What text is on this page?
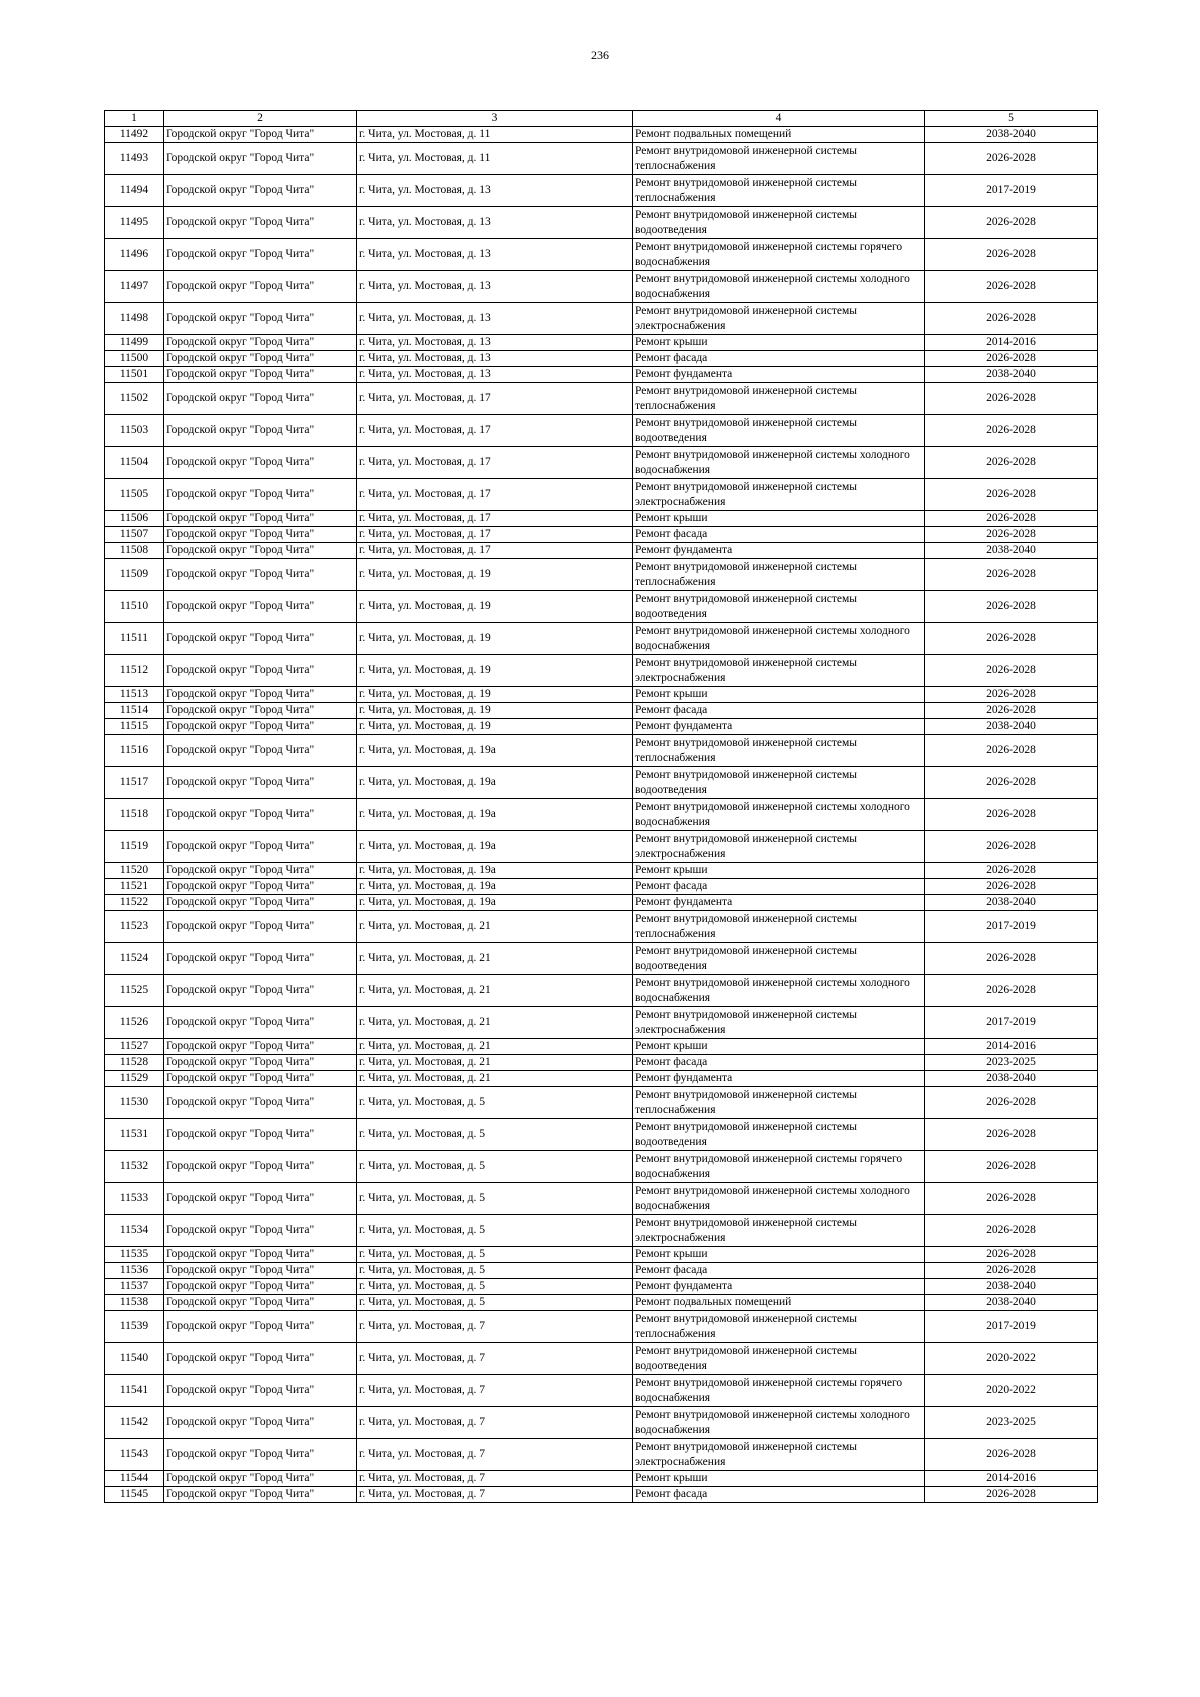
236
1	2	3	4	5
11492	Городской округ "Город Чита"	г. Чита, ул. Мостовая, д. 11	Ремонт подвальных помещений	2038-2040
11493	Городской округ "Город Чита"	г. Чита, ул. Мостовая, д. 11	Ремонт внутридомовой инженерной системы теплоснабжения	2026-2028
11494	Городской округ "Город Чита"	г. Чита, ул. Мостовая, д. 13	Ремонт внутридомовой инженерной системы теплоснабжения	2017-2019
11495	Городской округ "Город Чита"	г. Чита, ул. Мостовая, д. 13	Ремонт внутридомовой инженерной системы водоотведения	2026-2028
11496	Городской округ "Город Чита"	г. Чита, ул. Мостовая, д. 13	Ремонт внутридомовой инженерной системы горячего водоснабжения	2026-2028
11497	Городской округ "Город Чита"	г. Чита, ул. Мостовая, д. 13	Ремонт внутридомовой инженерной системы холодного водоснабжения	2026-2028
11498	Городской округ "Город Чита"	г. Чита, ул. Мостовая, д. 13	Ремонт внутридомовой инженерной системы электроснабжения	2026-2028
11499	Городской округ "Город Чита"	г. Чита, ул. Мостовая, д. 13	Ремонт крыши	2014-2016
11500	Городской округ "Город Чита"	г. Чита, ул. Мостовая, д. 13	Ремонт фасада	2026-2028
11501	Городской округ "Город Чита"	г. Чита, ул. Мостовая, д. 13	Ремонт фундамента	2038-2040
11502	Городской округ "Город Чита"	г. Чита, ул. Мостовая, д. 17	Ремонт внутридомовой инженерной системы теплоснабжения	2026-2028
11503	Городской округ "Город Чита"	г. Чита, ул. Мостовая, д. 17	Ремонт внутридомовой инженерной системы водоотведения	2026-2028
11504	Городской округ "Город Чита"	г. Чита, ул. Мостовая, д. 17	Ремонт внутридомовой инженерной системы холодного водоснабжения	2026-2028
11505	Городской округ "Город Чита"	г. Чита, ул. Мостовая, д. 17	Ремонт внутридомовой инженерной системы электроснабжения	2026-2028
11506	Городской округ "Город Чита"	г. Чита, ул. Мостовая, д. 17	Ремонт крыши	2026-2028
11507	Городской округ "Город Чита"	г. Чита, ул. Мостовая, д. 17	Ремонт фасада	2026-2028
11508	Городской округ "Город Чита"	г. Чита, ул. Мостовая, д. 17	Ремонт фундамента	2038-2040
11509	Городской округ "Город Чита"	г. Чита, ул. Мостовая, д. 19	Ремонт внутридомовой инженерной системы теплоснабжения	2026-2028
11510	Городской округ "Город Чита"	г. Чита, ул. Мостовая, д. 19	Ремонт внутридомовой инженерной системы водоотведения	2026-2028
11511	Городской округ "Город Чита"	г. Чита, ул. Мостовая, д. 19	Ремонт внутридомовой инженерной системы холодного водоснабжения	2026-2028
11512	Городской округ "Город Чита"	г. Чита, ул. Мостовая, д. 19	Ремонт внутридомовой инженерной системы электроснабжения	2026-2028
11513	Городской округ "Город Чита"	г. Чита, ул. Мостовая, д. 19	Ремонт крыши	2026-2028
11514	Городской округ "Город Чита"	г. Чита, ул. Мостовая, д. 19	Ремонт фасада	2026-2028
11515	Городской округ "Город Чита"	г. Чита, ул. Мостовая, д. 19	Ремонт фундамента	2038-2040
11516	Городской округ "Город Чита"	г. Чита, ул. Мостовая, д. 19а	Ремонт внутридомовой инженерной системы теплоснабжения	2026-2028
11517	Городской округ "Город Чита"	г. Чита, ул. Мостовая, д. 19а	Ремонт внутридомовой инженерной системы водоотведения	2026-2028
11518	Городской округ "Город Чита"	г. Чита, ул. Мостовая, д. 19а	Ремонт внутридомовой инженерной системы холодного водоснабжения	2026-2028
11519	Городской округ "Город Чита"	г. Чита, ул. Мостовая, д. 19а	Ремонт внутридомовой инженерной системы электроснабжения	2026-2028
11520	Городской округ "Город Чита"	г. Чита, ул. Мостовая, д. 19а	Ремонт крыши	2026-2028
11521	Городской округ "Город Чита"	г. Чита, ул. Мостовая, д. 19а	Ремонт фасада	2026-2028
11522	Городской округ "Город Чита"	г. Чита, ул. Мостовая, д. 19а	Ремонт фундамента	2038-2040
11523	Городской округ "Город Чита"	г. Чита, ул. Мостовая, д. 21	Ремонт внутридомовой инженерной системы теплоснабжения	2017-2019
11524	Городской округ "Город Чита"	г. Чита, ул. Мостовая, д. 21	Ремонт внутридомовой инженерной системы водоотведения	2026-2028
11525	Городской округ "Город Чита"	г. Чита, ул. Мостовая, д. 21	Ремонт внутридомовой инженерной системы холодного водоснабжения	2026-2028
11526	Городской округ "Город Чита"	г. Чита, ул. Мостовая, д. 21	Ремонт внутридомовой инженерной системы электроснабжения	2017-2019
11527	Городской округ "Город Чита"	г. Чита, ул. Мостовая, д. 21	Ремонт крыши	2014-2016
11528	Городской округ "Город Чита"	г. Чита, ул. Мостовая, д. 21	Ремонт фасада	2023-2025
11529	Городской округ "Город Чита"	г. Чита, ул. Мостовая, д. 21	Ремонт фундамента	2038-2040
11530	Городской округ "Город Чита"	г. Чита, ул. Мостовая, д. 5	Ремонт внутридомовой инженерной системы теплоснабжения	2026-2028
11531	Городской округ "Город Чита"	г. Чита, ул. Мостовая, д. 5	Ремонт внутридомовой инженерной системы водоотведения	2026-2028
11532	Городской округ "Город Чита"	г. Чита, ул. Мостовая, д. 5	Ремонт внутридомовой инженерной системы горячего водоснабжения	2026-2028
11533	Городской округ "Город Чита"	г. Чита, ул. Мостовая, д. 5	Ремонт внутридомовой инженерной системы холодного водоснабжения	2026-2028
11534	Городской округ "Город Чита"	г. Чита, ул. Мостовая, д. 5	Ремонт внутридомовой инженерной системы электроснабжения	2026-2028
11535	Городской округ "Город Чита"	г. Чита, ул. Мостовая, д. 5	Ремонт крыши	2026-2028
11536	Городской округ "Город Чита"	г. Чита, ул. Мостовая, д. 5	Ремонт фасада	2026-2028
11537	Городской округ "Город Чита"	г. Чита, ул. Мостовая, д. 5	Ремонт фундамента	2038-2040
11538	Городской округ "Город Чита"	г. Чита, ул. Мостовая, д. 5	Ремонт подвальных помещений	2038-2040
11539	Городской округ "Город Чита"	г. Чита, ул. Мостовая, д. 7	Ремонт внутридомовой инженерной системы теплоснабжения	2017-2019
11540	Городской округ "Город Чита"	г. Чита, ул. Мостовая, д. 7	Ремонт внутридомовой инженерной системы водоотведения	2020-2022
11541	Городской округ "Город Чита"	г. Чита, ул. Мостовая, д. 7	Ремонт внутридомовой инженерной системы горячего водоснабжения	2020-2022
11542	Городской округ "Город Чита"	г. Чита, ул. Мостовая, д. 7	Ремонт внутридомовой инженерной системы холодного водоснабжения	2023-2025
11543	Городской округ "Город Чита"	г. Чита, ул. Мостовая, д. 7	Ремонт внутридомовой инженерной системы электроснабжения	2026-2028
11544	Городской округ "Город Чита"	г. Чита, ул. Мостовая, д. 7	Ремонт крыши	2014-2016
11545	Городской округ "Город Чита"	г. Чита, ул. Мостовая, д. 7	Ремонт фасада	2026-2028
